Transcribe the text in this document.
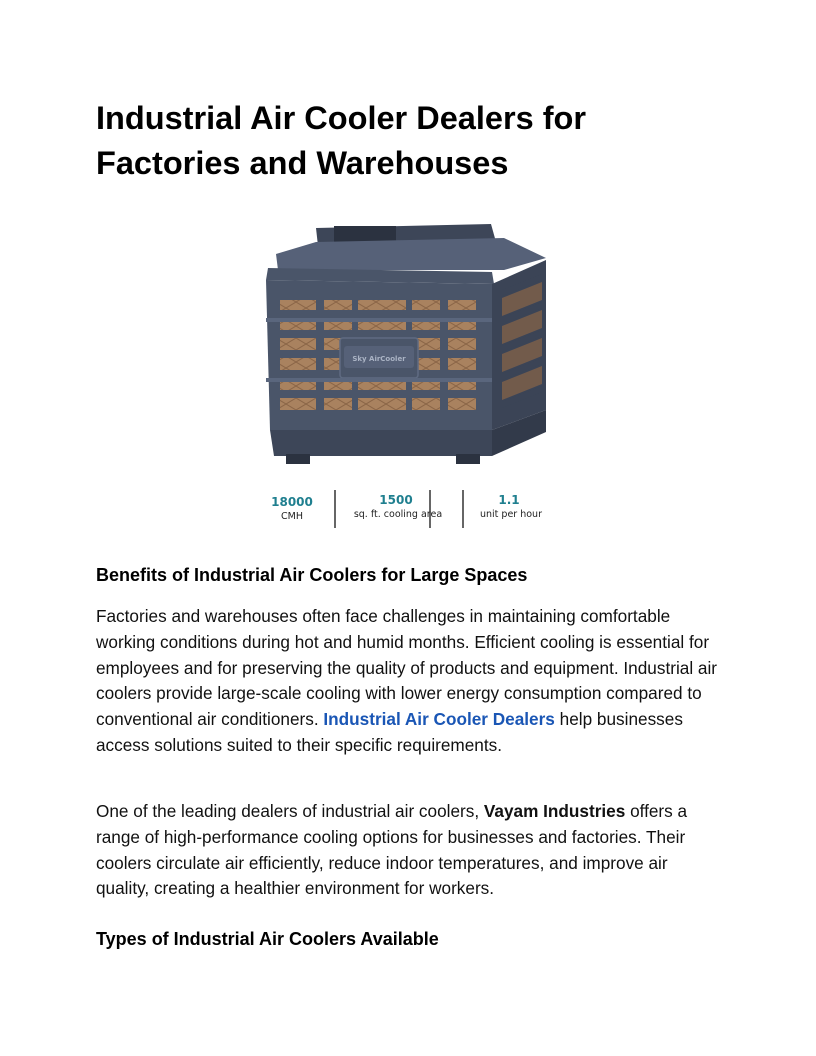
Industrial Air Cooler Dealers for Factories and Warehouses
Sky AirCooler
18000
CMH
1500
sq. ft. cooling area
1.1
unit per hour
Benefits of Industrial Air Coolers for Large Spaces

Factories and warehouses often face challenges in maintaining comfortable working conditions during hot and humid months. Efficient cooling is essential for employees and for preserving the quality of products and equipment. Industrial air coolers provide large-scale cooling with lower energy consumption compared to conventional air conditioners. Industrial Air Cooler Dealers help businesses access solutions suited to their specific requirements.

One of the leading dealers of industrial air coolers, Vayam Industries offers a range of high-performance cooling options for businesses and factories. Their coolers circulate air efficiently, reduce indoor temperatures, and improve air quality, creating a healthier environment for workers.

Types of Industrial Air Coolers Available
